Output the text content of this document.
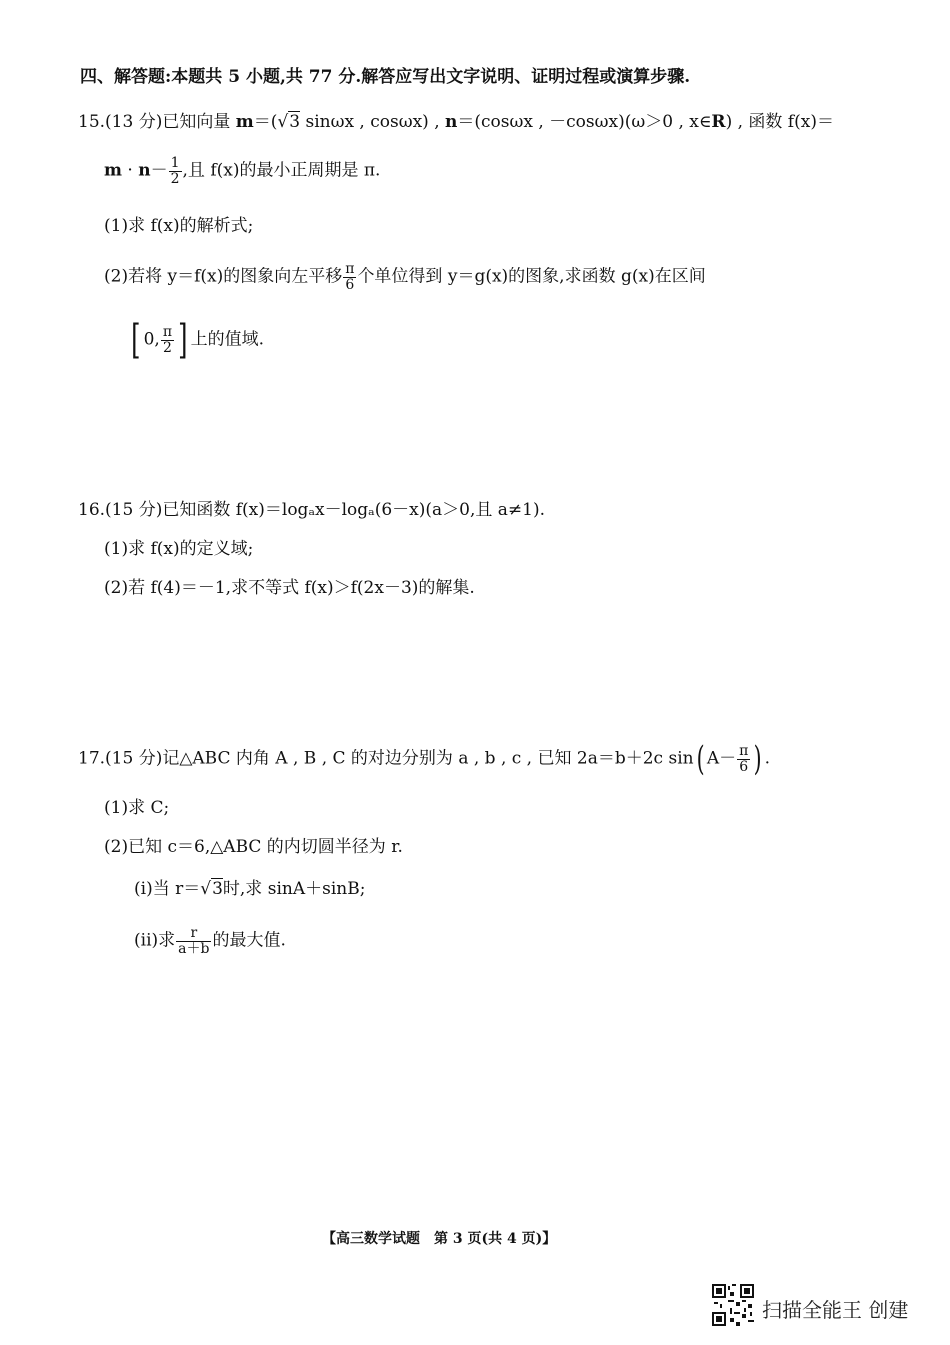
四、解答题:本题共 5 小题,共 77 分.解答应写出文字说明、证明过程或演算步骤.
15.(13 分)已知向量 m＝(√3 sinωx , cosωx) , n＝(cosωx , －cosωx)(ω＞0 , x∈R) , 函数 f(x)＝
$m \cdot n- \frac{1}{2}$ ,且 f(x)的最小正周期是 π.
(1)求 f(x)的解析式;
(2)若将 y＝f(x)的图象向左平移 $\frac{\pi}{6}$ 个单位得到 y＝g(x)的图象,求函数 g(x)在区间
[ 0, $\frac{\pi}{2}$ ] 上的值域.
16.(15 分)已知函数 f(x)＝logₐx－logₐ(6－x)(a＞0,且 a≠1).
(1)求 f(x)的定义域;
(2)若 f(4)＝－1,求不等式 f(x)＞f(2x－3)的解集.
17.(15 分)记△ABC 内角 A , B , C 的对边分别为 a , b , c , 已知 2a＝b＋2c sin( $A- \frac{\pi}{6}$ ) .
(1)求 C;
(2)已知 c＝6,△ABC 的内切圆半径为 r.
(i)当 r＝√3时,求 sinA＋sinB;
(ii)求 $\frac{r}{a+b}$ 的最大值.
【高三数学试题　第 3 页(共 4 页)】
扫描全能王 创建
